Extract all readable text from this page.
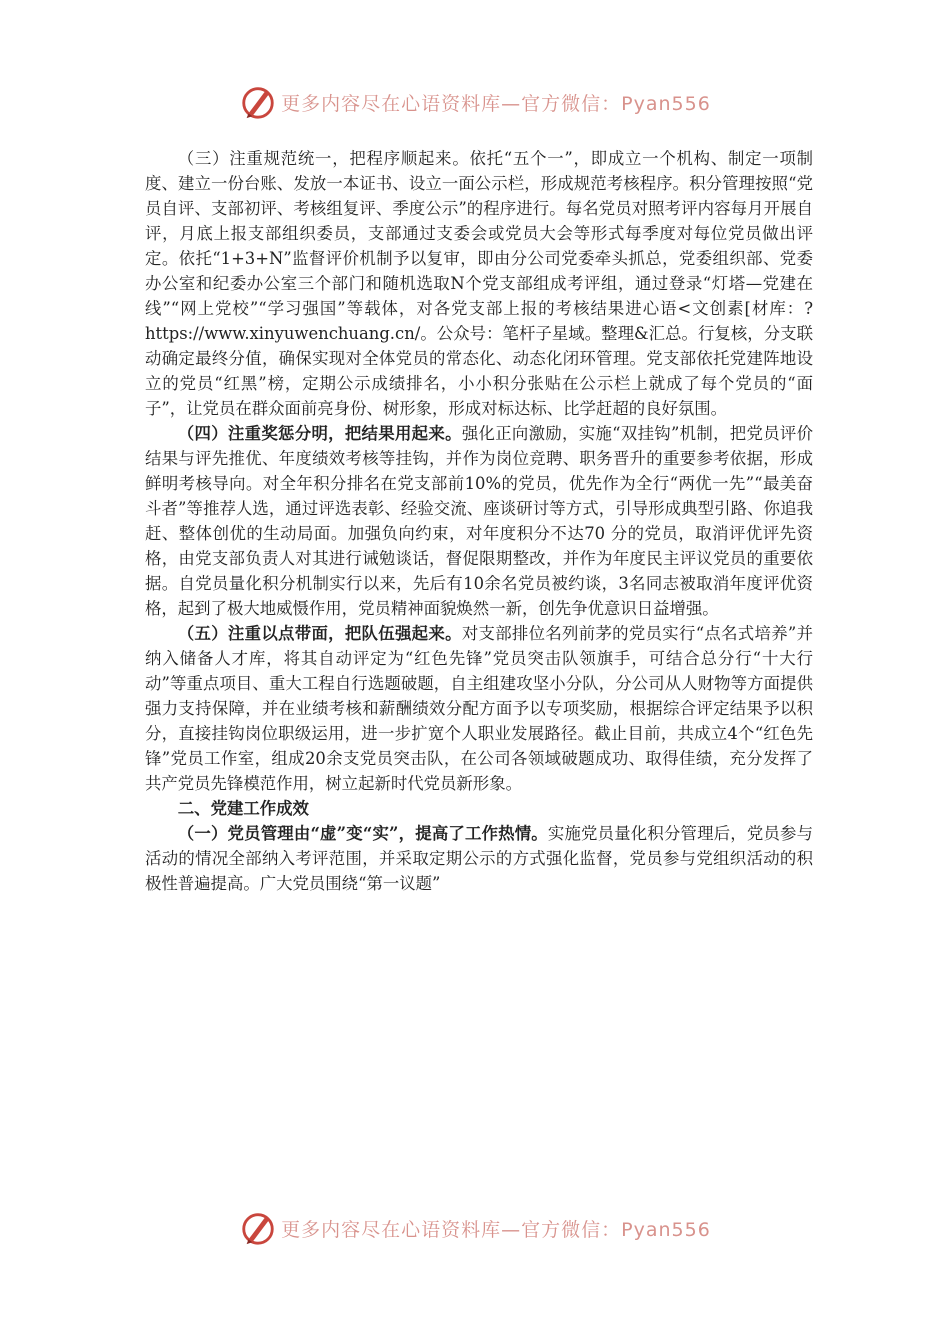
更多内容尽在心语资料库—官方微信：Pyan556

（三）注重规范统一，把程序顺起来。依托“五个一”，即成立一个机构、制定一项制度、建立一份台账、发放一本证书、设立一面公示栏，形成规范考核程序。积分管理按照“党员自评、支部初评、考核组复评、季度公示”的程序进行。每名党员对照考评内容每月开展自评，月底上报支部组织委员，支部通过支委会或党员大会等形式每季度对每位党员做出评定。依托“1+3+N”监督评价机制予以复审，即由分公司党委牵头抓总，党委组织部、党委办公室和纪委办公室三个部门和随机选取N个党支部组成考评组，通过登录“灯塔—党建在线”“网上党校”“学习强国”等载体，对各党支部上报的考核结果进心语<文创素[材库：?https://www.xinyuwenchuang.cn/。公众号：笔杆子星域。整理&汇总。行复核，分支联动确定最终分值，确保实现对全体党员的常态化、动态化闭环管理。党支部依托党建阵地设立的党员“红黑”榜，定期公示成绩排名，小小积分张贴在公示栏上就成了每个党员的“面子”，让党员在群众面前亮身份、树形象，形成对标达标、比学赶超的良好氛围。

（四）注重奖惩分明，把结果用起来。强化正向激励，实施“双挂钩”机制，把党员评价结果与评先推优、年度绩效考核等挂钩，并作为岗位竞聘、职务晋升的重要参考依据，形成鲜明考核导向。对全年积分排名在党支部前10%的党员，优先作为全行“两优一先”“最美奋斗者”等推荐人选，通过评选表彰、经验交流、座谈研讨等方式，引导形成典型引路、你追我赶、整体创优的生动局面。加强负向约束，对年度积分不达70 分的党员，取消评优评先资格，由党支部负责人对其进行诫勉谈话，督促限期整改，并作为年度民主评议党员的重要依据。自党员量化积分机制实行以来，先后有10余名党员被约谈，3名同志被取消年度评优资格，起到了极大地威慑作用，党员精神面貌焕然一新，创先争优意识日益增强。

（五）注重以点带面，把队伍强起来。对支部排位名列前茅的党员实行“点名式培养”并纳入储备人才库，将其自动评定为“红色先锋”党员突击队领旗手，可结合总分行“十大行动”等重点项目、重大工程自行选题破题，自主组建攻坚小分队，分公司从人财物等方面提供强力支持保障，并在业绩考核和薪酬绩效分配方面予以专项奖励，根据综合评定结果予以积分，直接挂钩岗位职级运用，进一步扩宽个人职业发展路径。截止目前，共成立4个“红色先锋”党员工作室，组成20余支党员突击队，在公司各领域破题成功、取得佳绩，充分发挥了共产党员先锋模范作用，树立起新时代党员新形象。

二、党建工作成效

（一）党员管理由“虚”变“实”，提高了工作热情。实施党员量化积分管理后，党员参与活动的情况全部纳入考评范围，并采取定期公示的方式强化监督，党员参与党组织活动的积极性普遍提高。广大党员围绕“第一议题”

更多内容尽在心语资料库—官方微信：Pyan556
